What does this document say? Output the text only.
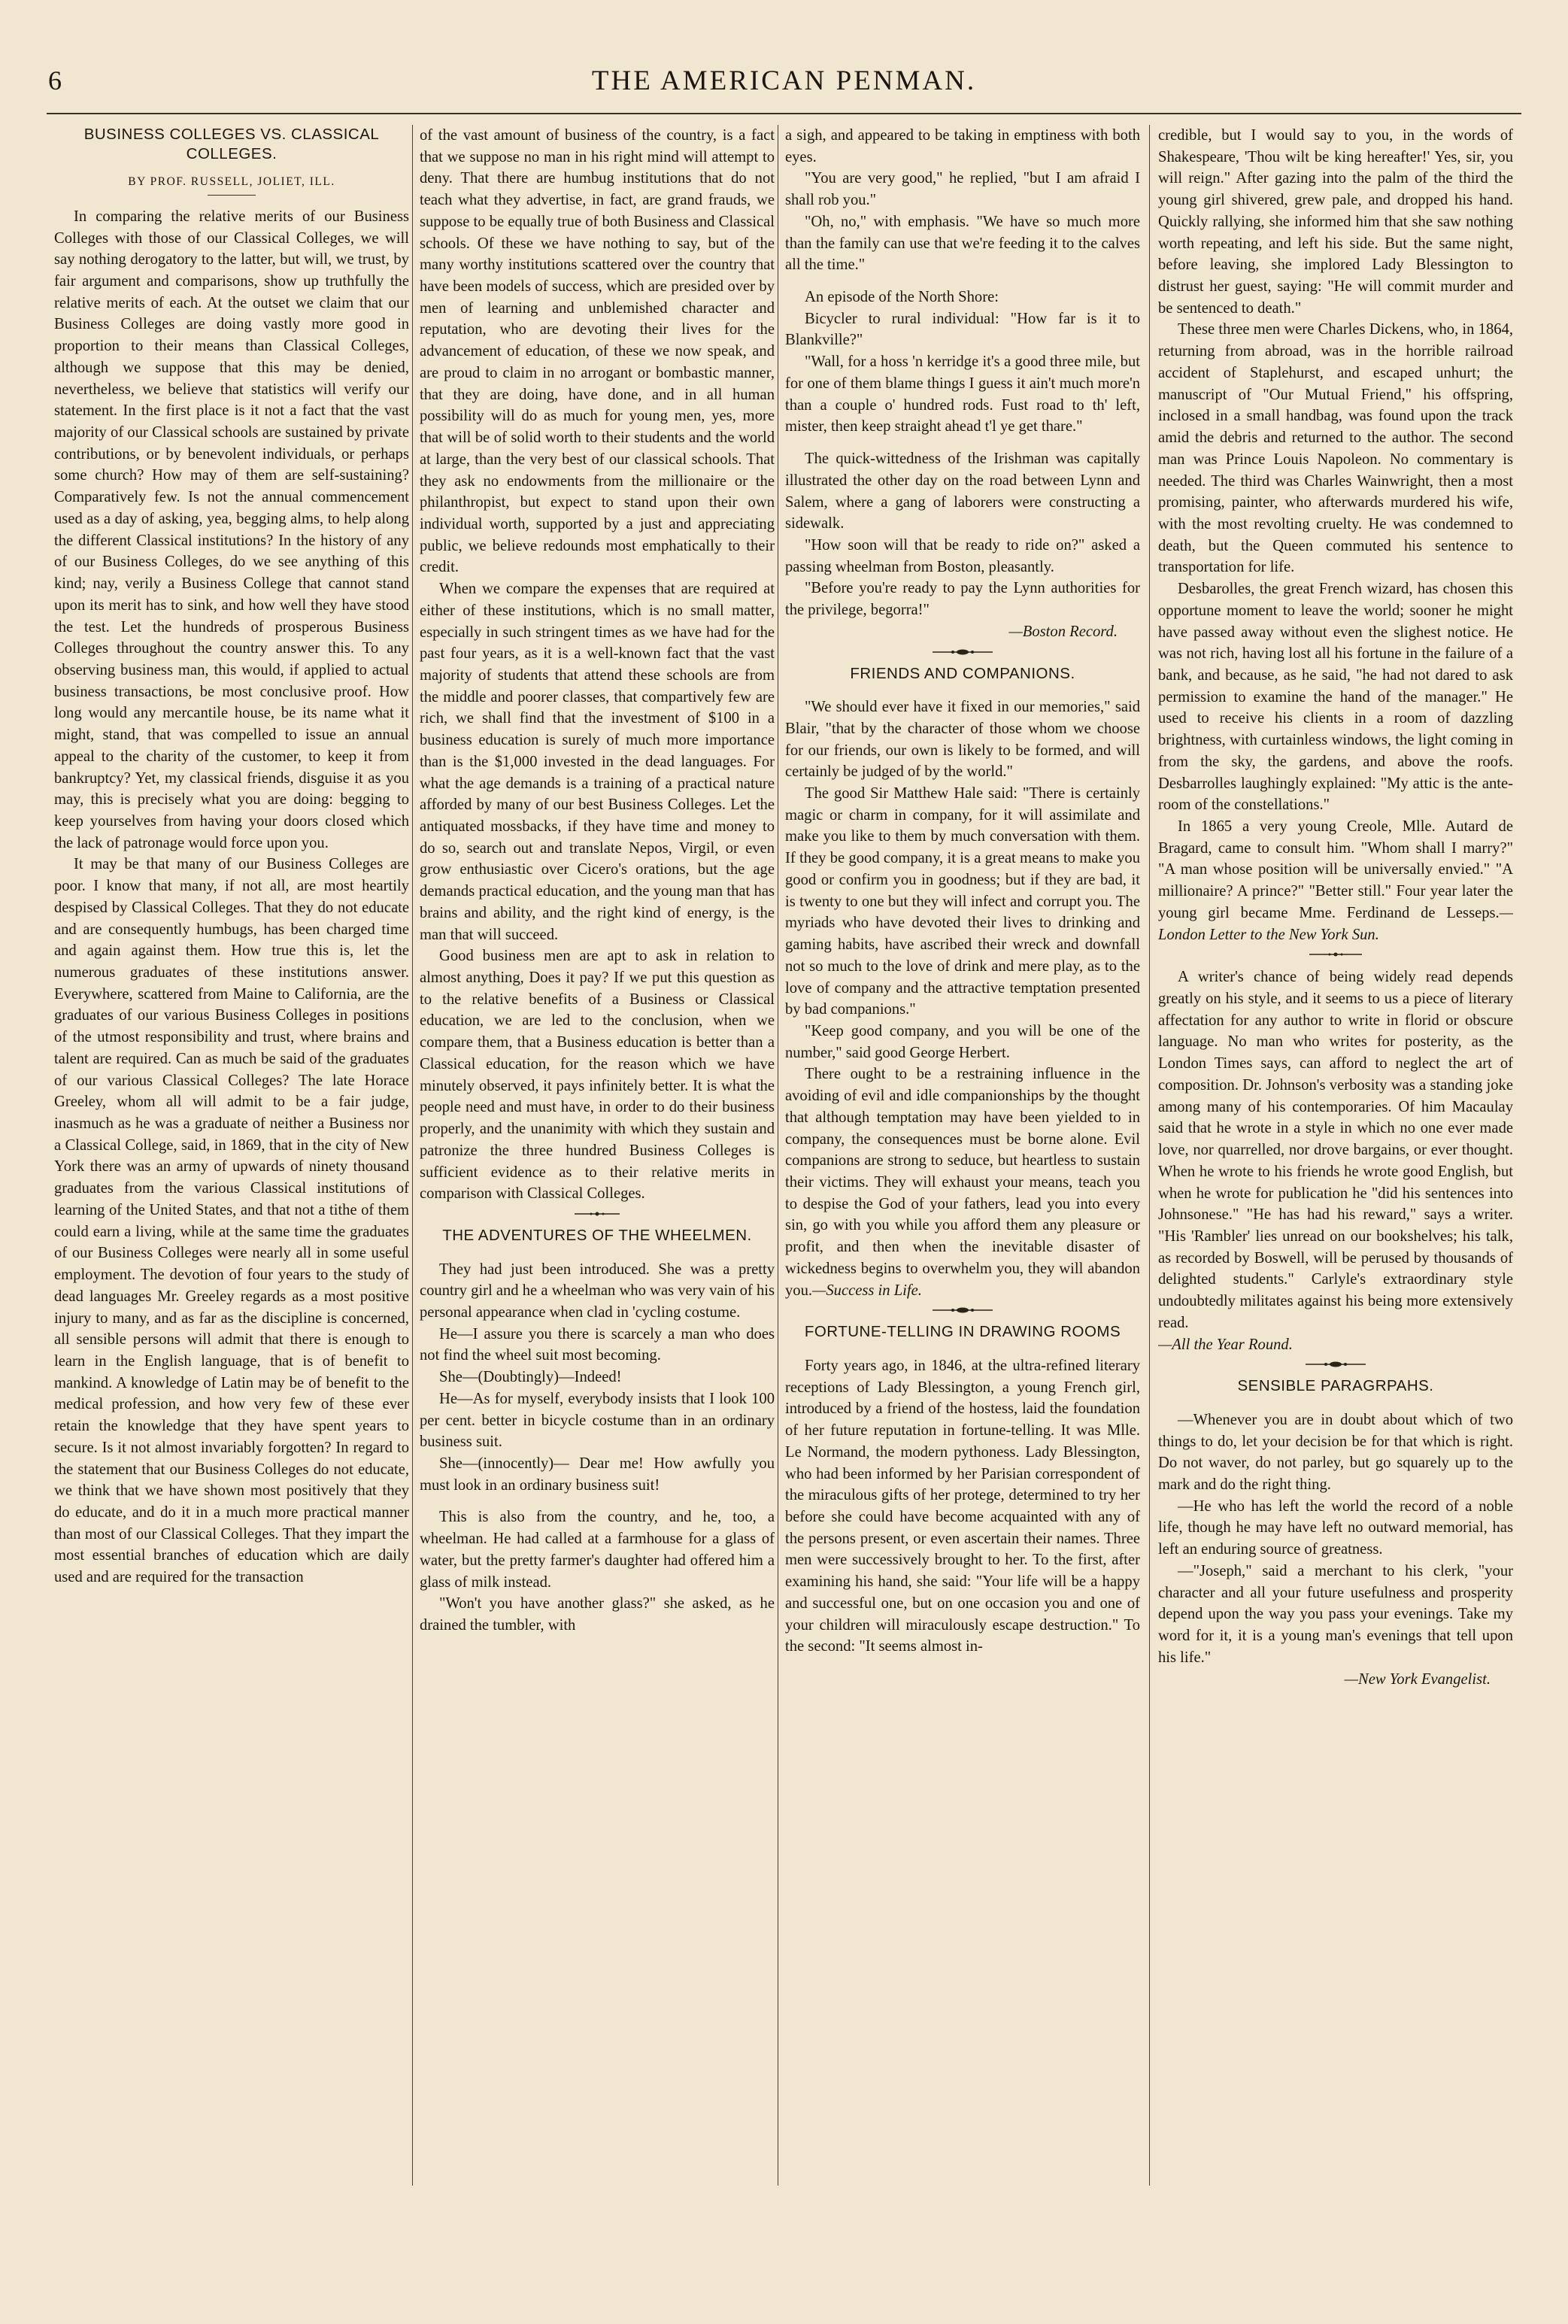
6	THE AMERICAN PENMAN.
BUSINESS COLLEGES VS. CLASSICAL COLLEGES.
BY PROF. RUSSELL, JOLIET, ILL.

In comparing the relative merits of our Business Colleges with those of our Classical Colleges, we will say nothing derogatory to the latter, but will, we trust, by fair argument and comparisons, show up truthfully the relative merits of each. At the outset we claim that our Business Colleges are doing vastly more good in proportion to their means than Classical Colleges, although we suppose that this may be denied, nevertheless, we believe that statistics will verify our statement. In the first place is it not a fact that the vast majority of our Classical schools are sustained by private contributions, or by benevolent individuals, or perhaps some church? How may of them are self-sustaining? Comparatively few. Is not the annual commencement used as a day of asking, yea, begging alms, to help along the different Classical institutions? In the history of any of our Business Colleges, do we see anything of this kind; nay, verily a Business College that cannot stand upon its merit has to sink, and how well they have stood the test. Let the hundreds of prosperous Business Colleges throughout the country answer this. To any observing business man, this would, if applied to actual business transactions, be most conclusive proof. How long would any mercantile house, be its name what it might, stand, that was compelled to issue an annual appeal to the charity of the customer, to keep it from bankruptcy? Yet, my classical friends, disguise it as you may, this is precisely what you are doing: begging to keep yourselves from having your doors closed which the lack of patronage would force upon you.

It may be that many of our Business Colleges are poor. I know that many, if not all, are most heartily despised by Classical Colleges. That they do not educate and are consequently humbugs, has been charged time and again against them. How true this is, let the numerous graduates of these institutions answer. Everywhere, scattered from Maine to California, are the graduates of our various Business Colleges in positions of the utmost responsibility and trust, where brains and talent are required. Can as much be said of the graduates of our various Classical Colleges? The late Horace Greeley, whom all will admit to be a fair judge, inasmuch as he was a graduate of neither a Business nor a Classical College, said, in 1869, that in the city of New York there was an army of upwards of ninety thousand graduates from the various Classical institutions of learning of the United States, and that not a tithe of them could earn a living, while at the same time the graduates of our Business Colleges were nearly all in some useful employment. The devotion of four years to the study of dead languages Mr. Greeley regards as a most positive injury to many, and as far as the discipline is concerned, all sensible persons will admit that there is enough to learn in the English language, that is of benefit to mankind. A knowledge of Latin may be of benefit to the medical profession, and how very few of these ever retain the knowledge that they have spent years to secure. Is it not almost invariably forgotten? In regard to the statement that our Business Colleges do not educate, we think that we have shown most positively that they do educate, and do it in a much more practical manner than most of our Classical Colleges. That they impart the most essential branches of education which are daily used and are required for the transaction

of the vast amount of business of the country, is a fact that we suppose no man in his right mind will attempt to deny. That there are humbug institutions that do not teach what they advertise, in fact, are grand frauds, we suppose to be equally true of both Business and Classical schools. Of these we have nothing to say, but of the many worthy institutions scattered over the country that have been models of success, which are presided over by men of learning and unblemished character and reputation, who are devoting their lives for the advancement of education, of these we now speak, and are proud to claim in no arrogant or bombastic manner, that they are doing, have done, and in all human possibility will do as much for young men, yes, more that will be of solid worth to their students and the world at large, than the very best of our classical schools. That they ask no endowments from the millionaire or the philanthropist, but expect to stand upon their own individual worth, supported by a just and appreciating public, we believe redounds most emphatically to their credit.

When we compare the expenses that are required at either of these institutions, which is no small matter, especially in such stringent times as we have had for the past four years, as it is a well-known fact that the vast majority of students that attend these schools are from the middle and poorer classes, that compartively few are rich, we shall find that the investment of $100 in a business education is surely of much more importance than is the $1,000 invested in the dead languages. For what the age demands is a training of a practical nature afforded by many of our best Business Colleges. Let the antiquated mossbacks, if they have time and money to do so, search out and translate Nepos, Virgil, or even grow enthusiastic over Cicero's orations, but the age demands practical education, and the young man that has brains and ability, and the right kind of energy, is the man that will succeed.

Good business men are apt to ask in relation to almost anything, Does it pay? If we put this question as to the relative benefits of a Business or Classical education, we are led to the conclusion, when we compare them, that a Business education is better than a Classical education, for the reason which we have minutely observed, it pays infinitely better. It is what the people need and must have, in order to do their business properly, and the unanimity with which they sustain and patronize the three hundred Business Colleges is sufficient evidence as to their relative merits in comparison with Classical Colleges.

THE ADVENTURES OF THE WHEELMEN.

They had just been introduced. She was a pretty country girl and he a wheelman who was very vain of his personal appearance when clad in 'cycling costume.

He—I assure you there is scarcely a man who does not find the wheel suit most becoming.

She—(Doubtingly)—Indeed!

He—As for myself, everybody insists that I look 100 per cent. better in bicycle costume than in an ordinary business suit.

She—(innocently)— Dear me! How awfully you must look in an ordinary business suit!

This is also from the country, and he, too, a wheelman. He had called at a farmhouse for a glass of water, but the pretty farmer's daughter had offered him a glass of milk instead.

"Won't you have another glass?" she asked, as he drained the tumbler, with

a sigh, and appeared to be taking in emptiness with both eyes.

"You are very good," he replied, "but I am afraid I shall rob you."

"Oh, no," with emphasis. "We have so much more than the family can use that we're feeding it to the calves all the time."

An episode of the North Shore:

Bicycler to rural individual: "How far is it to Blankville?"

"Wall, for a hoss 'n kerridge it's a good three mile, but for one of them blame things I guess it ain't much more'n than a couple o' hundred rods. Fust road to th' left, mister, then keep straight ahead t'l ye get thare."

The quick-wittedness of the Irishman was capitally illustrated the other day on the road between Lynn and Salem, where a gang of laborers were constructing a sidewalk.

"How soon will that be ready to ride on?" asked a passing wheelman from Boston, pleasantly.

"Before you're ready to pay the Lynn authorities for the privilege, begorra!"

—Boston Record.

FRIENDS AND COMPANIONS.

"We should ever have it fixed in our memories," said Blair, "that by the character of those whom we choose for our friends, our own is likely to be formed, and will certainly be judged of by the world."

The good Sir Matthew Hale said: "There is certainly magic or charm in company, for it will assimilate and make you like to them by much conversation with them. If they be good company, it is a great means to make you good or confirm you in goodness; but if they are bad, it is twenty to one but they will infect and corrupt you. The myriads who have devoted their lives to drinking and gaming habits, have ascribed their wreck and downfall not so much to the love of drink and mere play, as to the love of company and the attractive temptation presented by bad companions."

"Keep good company, and you will be one of the number," said good George Herbert.

There ought to be a restraining influence in the avoiding of evil and idle companionships by the thought that although temptation may have been yielded to in company, the consequences must be borne alone. Evil companions are strong to seduce, but heartless to sustain their victims. They will exhaust your means, teach you to despise the God of your fathers, lead you into every sin, go with you while you afford them any pleasure or profit, and then when the inevitable disaster of wickedness begins to overwhelm you, they will abandon you.—Success in Life.

FORTUNE-TELLING IN DRAWING ROOMS

Forty years ago, in 1846, at the ultra-refined literary receptions of Lady Blessington, a young French girl, introduced by a friend of the hostess, laid the foundation of her future reputation in fortune-telling. It was Mlle. Le Normand, the modern pythoness. Lady Blessington, who had been informed by her Parisian correspondent of the miraculous gifts of her protege, determined to try her before she could have become acquainted with any of the persons present, or even ascertain their names. Three men were successively brought to her. To the first, after examining his hand, she said: "Your life will be a happy and successful one, but on one occasion you and one of your children will miraculously escape destruction." To the second: "It seems almost in-

credible, but I would say to you, in the words of Shakespeare, 'Thou wilt be king hereafter!' Yes, sir, you will reign." After gazing into the palm of the third the young girl shivered, grew pale, and dropped his hand. Quickly rallying, she informed him that she saw nothing worth repeating, and left his side. But the same night, before leaving, she implored Lady Blessington to distrust her guest, saying: "He will commit murder and be sentenced to death."

These three men were Charles Dickens, who, in 1864, returning from abroad, was in the horrible railroad accident of Staplehurst, and escaped unhurt; the manuscript of "Our Mutual Friend," his offspring, inclosed in a small handbag, was found upon the track amid the debris and returned to the author. The second man was Prince Louis Napoleon. No commentary is needed. The third was Charles Wainwright, then a most promising, painter, who afterwards murdered his wife, with the most revolting cruelty. He was condemned to death, but the Queen commuted his sentence to transportation for life.

Desbarolles, the great French wizard, has chosen this opportune moment to leave the world; sooner he might have passed away without even the slighest notice. He was not rich, having lost all his fortune in the failure of a bank, and because, as he said, "he had not dared to ask permission to examine the hand of the manager." He used to receive his clients in a room of dazzling brightness, with curtainless windows, the light coming in from the sky, the gardens, and above the roofs. Desbarrolles laughingly explained: "My attic is the ante-room of the constellations."

In 1865 a very young Creole, Mlle. Autard de Bragard, came to consult him. "Whom shall I marry?" "A man whose position will be universally envied." "A millionaire? A prince?" "Better still." Four year later the young girl became Mme. Ferdinand de Lesseps.—London Letter to the New York Sun.

A writer's chance of being widely read depends greatly on his style, and it seems to us a piece of literary affectation for any author to write in florid or obscure language. No man who writes for posterity, as the London Times says, can afford to neglect the art of composition. Dr. Johnson's verbosity was a standing joke among many of his contemporaries. Of him Macaulay said that he wrote in a style in which no one ever made love, nor quarrelled, nor drove bargains, or ever thought. When he wrote to his friends he wrote good English, but when he wrote for publication he "did his sentences into Johnsonese." "He has had his reward," says a writer. "His 'Rambler' lies unread on our bookshelves; his talk, as recorded by Boswell, will be perused by thousands of delighted students." Carlyle's extraordinary style undoubtedly militates against his being more extensively read.

—All the Year Round.

SENSIBLE PARAGRPAHS.

—Whenever you are in doubt about which of two things to do, let your decision be for that which is right. Do not waver, do not parley, but go squarely up to the mark and do the right thing.

—He who has left the world the record of a noble life, though he may have left no outward memorial, has left an enduring source of greatness.

—"Joseph," said a merchant to his clerk, "your character and all your future usefulness and prosperity depend upon the way you pass your evenings. Take my word for it, it is a young man's evenings that tell upon his life."

—New York Evangelist.
